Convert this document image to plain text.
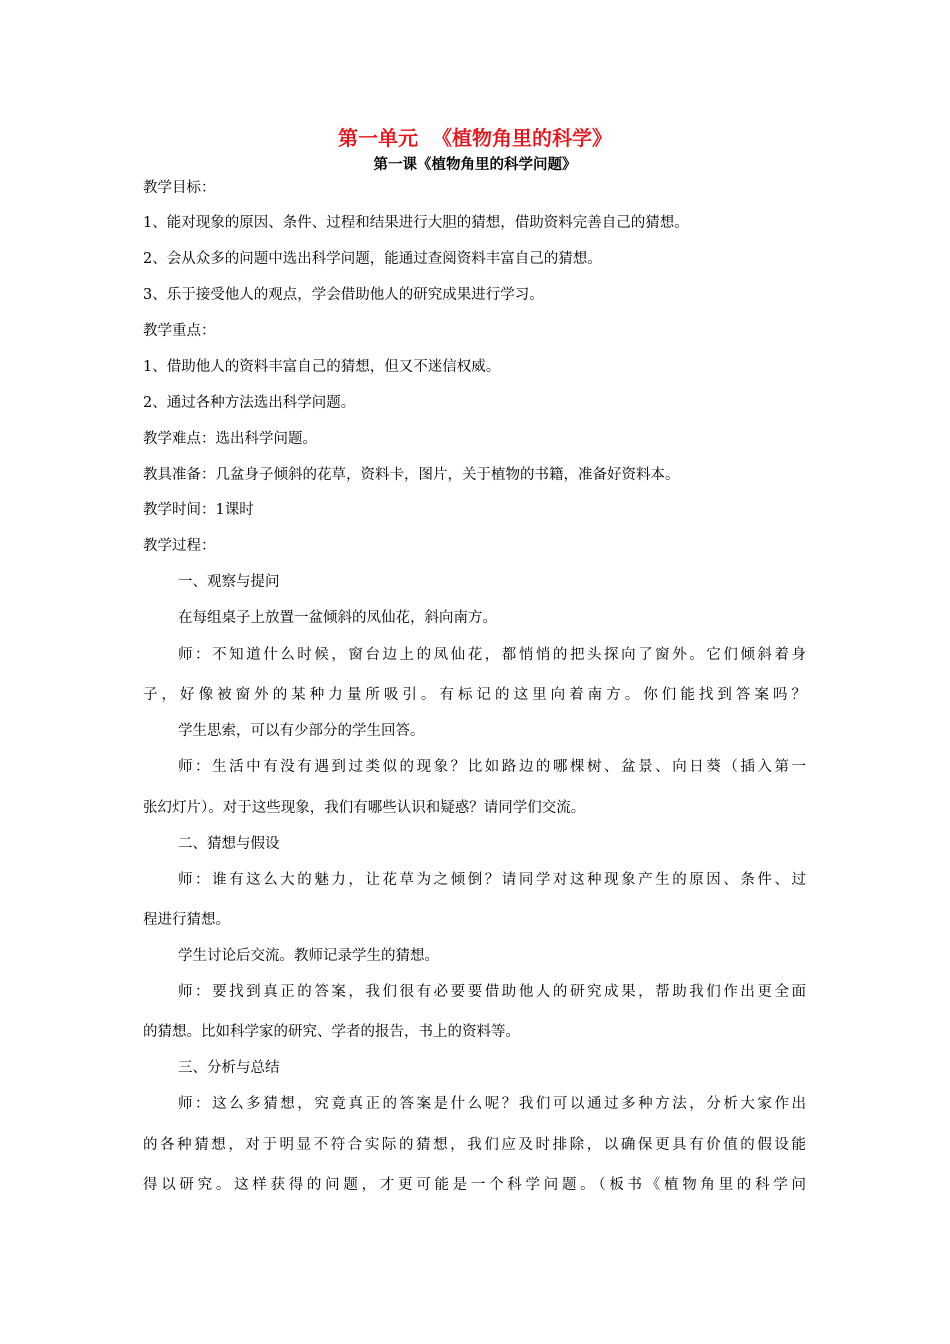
第一单元  《植物角里的科学》
第一课《植物角里的科学问题》
教学目标：
1、能对现象的原因、条件、过程和结果进行大胆的猜想，借助资料完善自己的猜想。
2、会从众多的问题中选出科学问题，能通过查阅资料丰富自己的猜想。
3、乐于接受他人的观点，学会借助他人的研究成果进行学习。
教学重点：
1、借助他人的资料丰富自己的猜想，但又不迷信权威。
2、通过各种方法选出科学问题。
教学难点：选出科学问题。
教具准备：几盆身子倾斜的花草，资料卡，图片，关于植物的书籍，准备好资料本。
教学时间：1课时
教学过程：
一、观察与提问
在每组桌子上放置一盆倾斜的凤仙花，斜向南方。
师：不知道什么时候，窗台边上的凤仙花，都悄悄的把头探向了窗外。它们倾斜着身
子，好像被窗外的某种力量所吸引。有标记的这里向着南方。你们能找到答案吗？
学生思索，可以有少部分的学生回答。
师：生活中有没有遇到过类似的现象？比如路边的哪棵树、盆景、向日葵（插入第一
张幻灯片）。对于这些现象，我们有哪些认识和疑惑？请同学们交流。
二、猜想与假设
师：谁有这么大的魅力，让花草为之倾倒？请同学对这种现象产生的原因、条件、过
程进行猜想。
学生讨论后交流。教师记录学生的猜想。
师：要找到真正的答案，我们很有必要要借助他人的研究成果，帮助我们作出更全面
的猜想。比如科学家的研究、学者的报告，书上的资料等。
三、分析与总结
师：这么多猜想，究竟真正的答案是什么呢？我们可以通过多种方法，分析大家作出
的各种猜想，对于明显不符合实际的猜想，我们应及时排除，以确保更具有价值的假设能
得以研究。这样获得的问题，才更可能是一个科学问题。（板书《植物角里的科学问
